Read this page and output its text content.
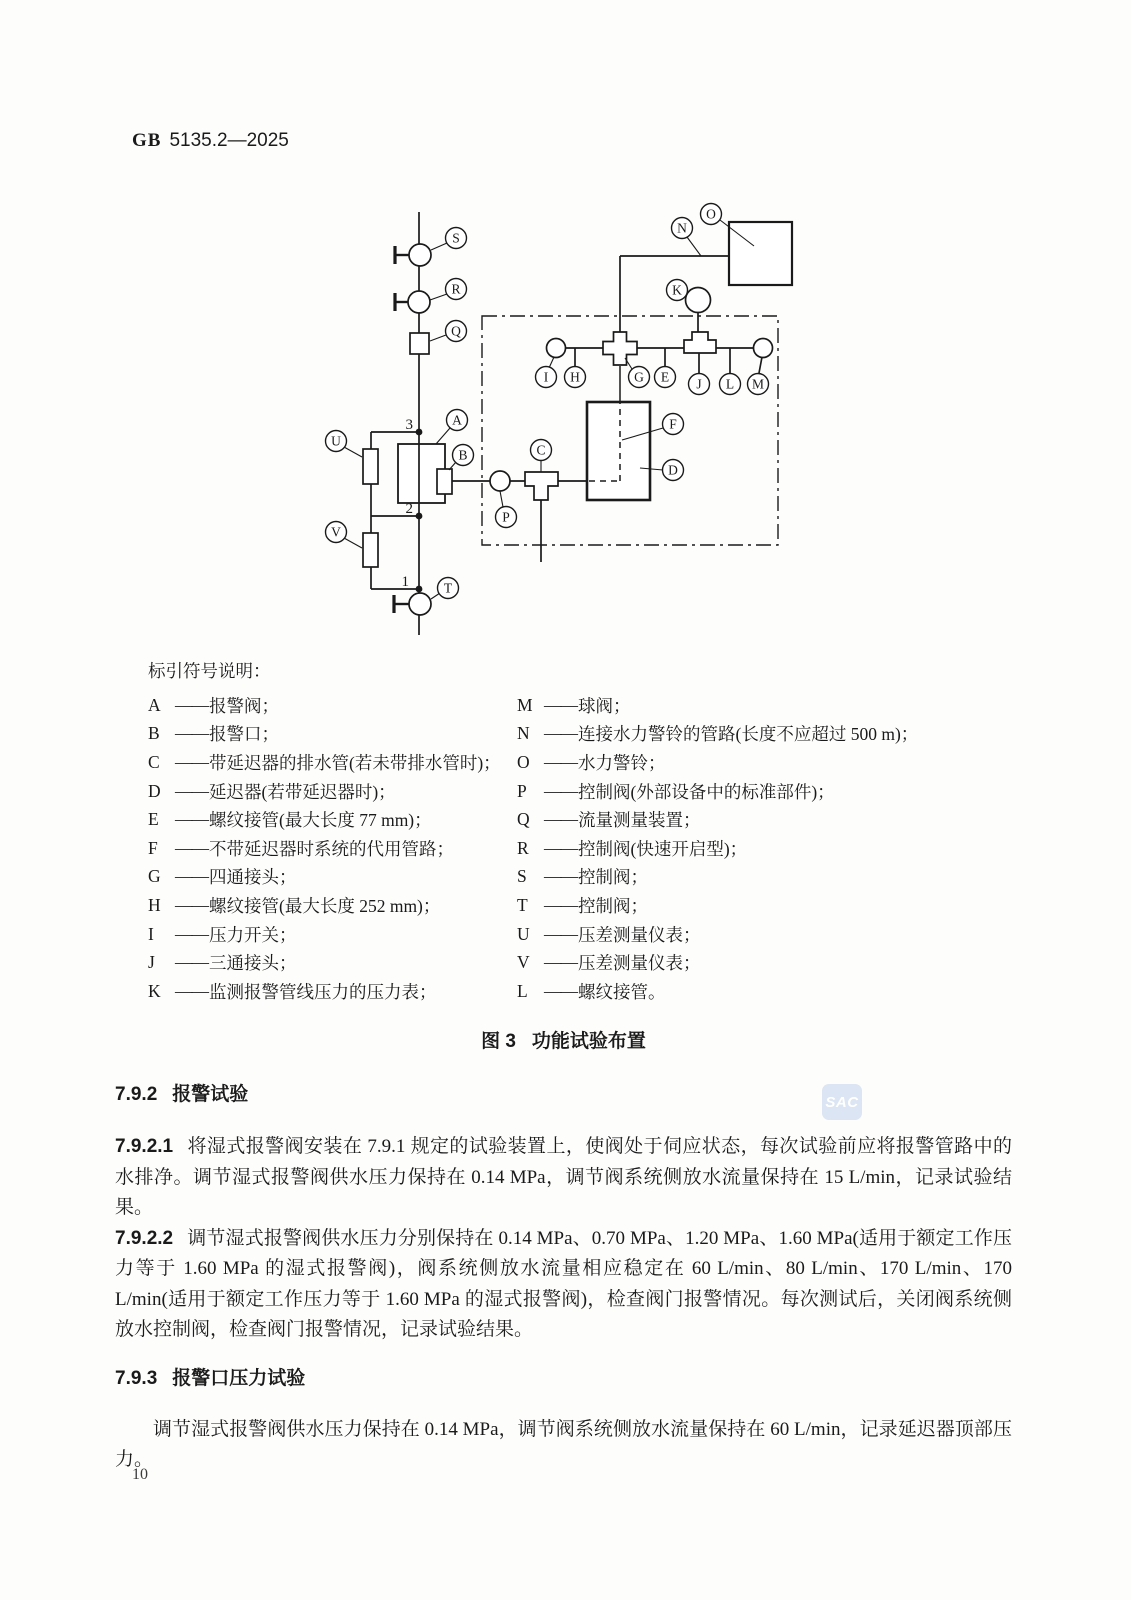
GB 5135.2—2025
A
B	C
D
E
F
G
H
I	J
K
L M
N
O
P
Q
R
S
T
U
V
3
2
1
标引符号说明：
A —— 报警阀；
B —— 报警口；
C —— 带延迟器的排水管(若未带排水管时)；
D —— 延迟器(若带延迟器时)；
E —— 螺纹接管(最大长度 77 mm)；
F —— 不带延迟器时系统的代用管路；
G —— 四通接头；
H —— 螺纹接管(最大长度 252 mm)；
I	—— 压力开关；
J	—— 三通接头；
K —— 监测报警管线压力的压力表；
M —— 球阀；
N —— 连接水力警铃的管路(长度不应超过 500 m)；
O —— 水力警铃；
P —— 控制阀(外部设备中的标准部件)；
Q —— 流量测量装置；
R —— 控制阀(快速开启型)；
S —— 控制阀；
T —— 控制阀；
U —— 压差测量仪表；
V —— 压差测量仪表；
L —— 螺纹接管。
图 3 功能试验布置
SAC
7.9.2 报警试验

7.9.2.1 将湿式报警阀安装在 7.9.1 规定的试验装置上，使阀处于伺应状态，每次试验前应将报警管路中的水排净。调节湿式报警阀供水压力保持在 0.14 MPa，调节阀系统侧放水流量保持在 15 L/min，记录试验结果。

7.9.2.2 调节湿式报警阀供水压力分别保持在 0.14 MPa、0.70 MPa、1.20 MPa、1.60 MPa(适用于额定工作压力等于 1.60 MPa 的湿式报警阀)，阀系统侧放水流量相应稳定在 60 L/min、80 L/min、170 L/min、170 L/min(适用于额定工作压力等于 1.60 MPa 的湿式报警阀)，检查阀门报警情况。每次测试后，关闭阀系统侧放水控制阀，检查阀门报警情况，记录试验结果。

7.9.3 报警口压力试验

调节湿式报警阀供水压力保持在 0.14 MPa，调节阀系统侧放水流量保持在 60 L/min，记录延迟器顶部压力。

10
